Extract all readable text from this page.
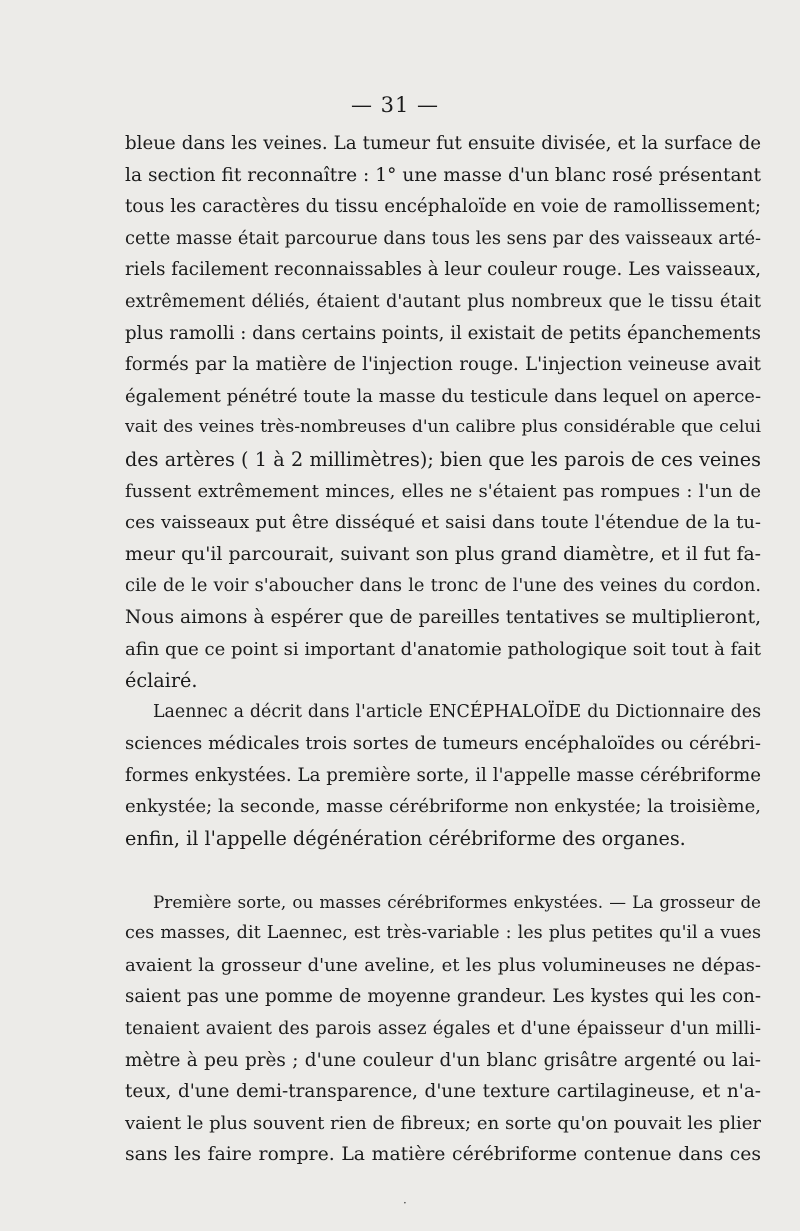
— 31 —
bleue dans les veines. La tumeur fut ensuite divisée, et la surface de
la section fit reconnaître : 1° une masse d'un blanc rosé présentant
tous les caractères du tissu encéphaloïde en voie de ramollissement;
cette masse était parcourue dans tous les sens par des vaisseaux arté-
riels facilement reconnaissables à leur couleur rouge. Les vaisseaux,
extrêmement déliés, étaient d'autant plus nombreux que le tissu était
plus ramolli : dans certains points, il existait de petits épanchements
formés par la matière de l'injection rouge. L'injection veineuse avait
également pénétré toute la masse du testicule dans lequel on aperce-
vait des veines très-nombreuses d'un calibre plus considérable que celui
des artères ( 1 à 2 millimètres); bien que les parois de ces veines
fussent extrêmement minces, elles ne s'étaient pas rompues : l'un de
ces vaisseaux put être disséqué et saisi dans toute l'étendue de la tu-
meur qu'il parcourait, suivant son plus grand diamètre, et il fut fa-
cile de le voir s'aboucher dans le tronc de l'une des veines du cordon.
Nous aimons à espérer que de pareilles tentatives se multiplieront,
afin que ce point si important d'anatomie pathologique soit tout à fait
éclairé.
Laennec a décrit dans l'article ENCÉPHALOÏDE du Dictionnaire des
sciences médicales trois sortes de tumeurs encéphaloïdes ou cérébri-
formes enkystées. La première sorte, il l'appelle masse cérébriforme
enkystée; la seconde, masse cérébriforme non enkystée; la troisième,
enfin, il l'appelle dégénération cérébriforme des organes.
Première sorte, ou masses cérébriformes enkystées. — La grosseur de
ces masses, dit Laennec, est très-variable : les plus petites qu'il a vues
avaient la grosseur d'une aveline, et les plus volumineuses ne dépas-
saient pas une pomme de moyenne grandeur. Les kystes qui les con-
tenaient avaient des parois assez égales et d'une épaisseur d'un milli-
mètre à peu près ; d'une couleur d'un blanc grisâtre argenté ou lai-
teux, d'une demi-transparence, d'une texture cartilagineuse, et n'a-
vaient le plus souvent rien de fibreux; en sorte qu'on pouvait les plier
sans les faire rompre. La matière cérébriforme contenue dans ces
·
